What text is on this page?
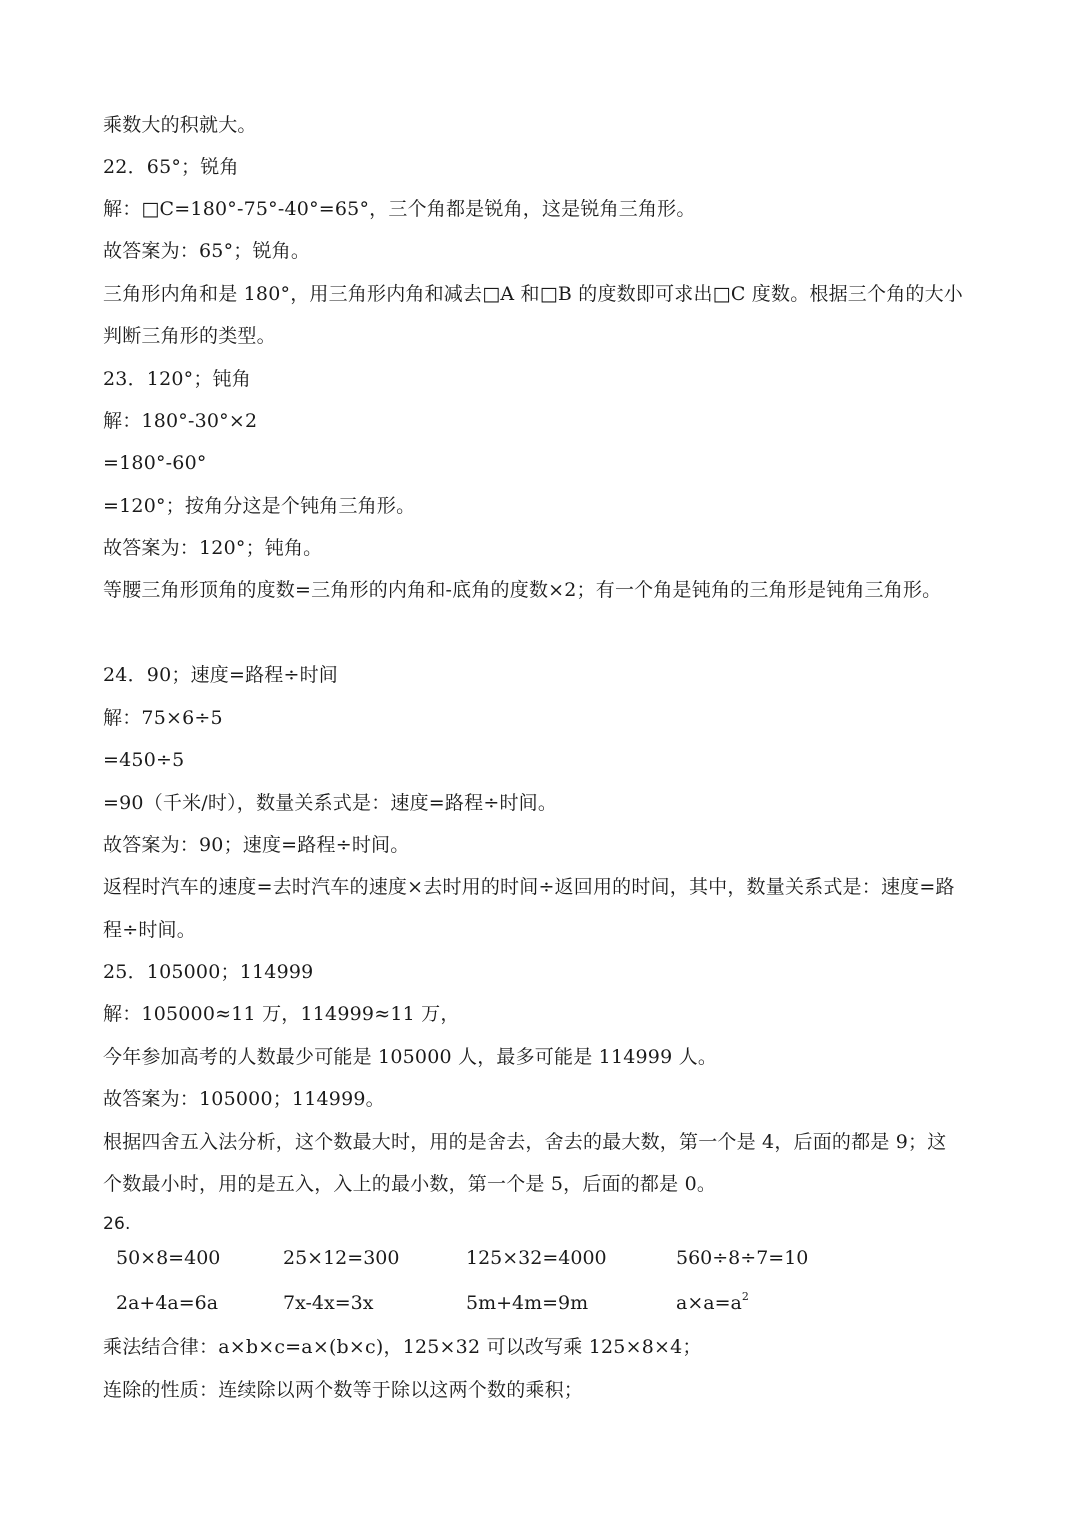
乘数大的积就大。
22．65°；锐角
解：□C=180°-75°-40°=65°，三个角都是锐角，这是锐角三角形。
故答案为：65°；锐角。
三角形内角和是 180°，用三角形内角和减去□A 和□B 的度数即可求出□C 度数。根据三个角的大小
判断三角形的类型。
23．120°；钝角
解：180°-30°×2
=180°-60°
=120°；按角分这是个钝角三角形。
故答案为：120°；钝角。
等腰三角形顶角的度数=三角形的内角和-底角的度数×2；有一个角是钝角的三角形是钝角三角形。
24．90；速度=路程÷时间
解：75×6÷5
=450÷5
=90（千米/时），数量关系式是：速度=路程÷时间。
故答案为：90；速度=路程÷时间。
返程时汽车的速度=去时汽车的速度×去时用的时间÷返回用的时间，其中，数量关系式是：速度=路
程÷时间。
25．105000；114999
解：105000≈11 万，114999≈11 万，
今年参加高考的人数最少可能是 105000 人，最多可能是 114999 人。
故答案为：105000；114999。
根据四舍五入法分析，这个数最大时，用的是舍去，舍去的最大数，第一个是 4，后面的都是 9；这
个数最小时，用的是五入，入上的最小数，第一个是 5，后面的都是 0。
26.
50×8=400	25×12=300	125×32=4000	560÷8÷7=10
2a+4a=6a	7x-4x=3x	5m+4m=9m	$a\times a=a^2$
乘法结合律：a×b×c=a×(b×c)，125×32 可以改写乘 125×8×4；
连除的性质：连续除以两个数等于除以这两个数的乘积；
